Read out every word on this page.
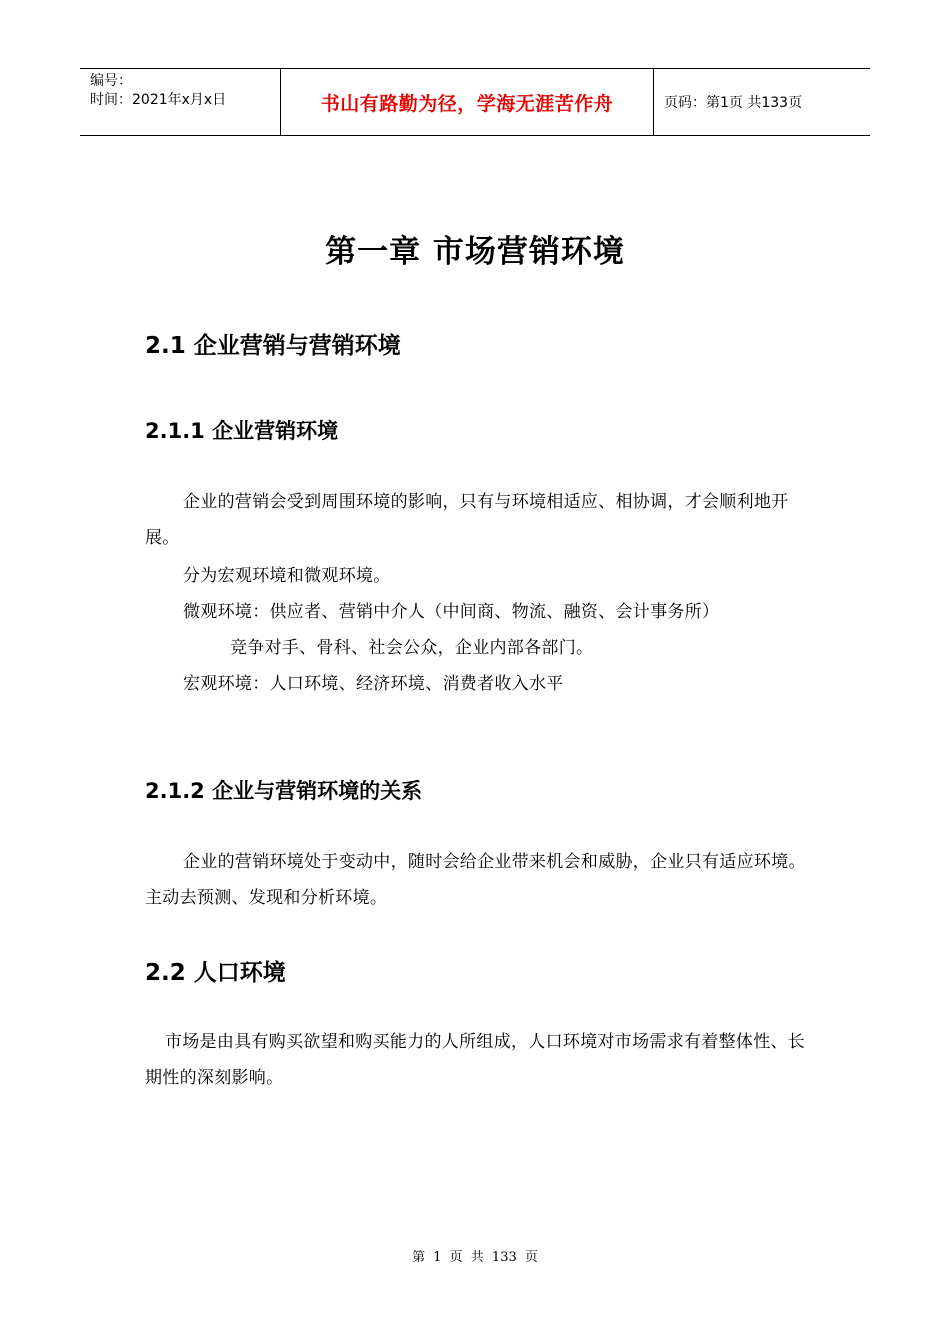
编号：
时间：2021年x月x日	书山有路勤为径，学海无涯苦作舟	页码：第1页 共133页
第一章 市场营销环境
2.1 企业营销与营销环境
2.1.1 企业营销环境
企业的营销会受到周围环境的影响，只有与环境相适应、相协调，才会顺利地开展。
分为宏观环境和微观环境。
微观环境：供应者、营销中介人（中间商、物流、融资、会计事务所）
竞争对手、骨科、社会公众，企业内部各部门。
宏观环境：人口环境、经济环境、消费者收入水平
2.1.2 企业与营销环境的关系
企业的营销环境处于变动中，随时会给企业带来机会和威胁，企业只有适应环境。主动去预测、发现和分析环境。
2.2 人口环境
市场是由具有购买欲望和购买能力的人所组成，人口环境对市场需求有着整体性、长期性的深刻影响。
第 1 页 共 133 页
